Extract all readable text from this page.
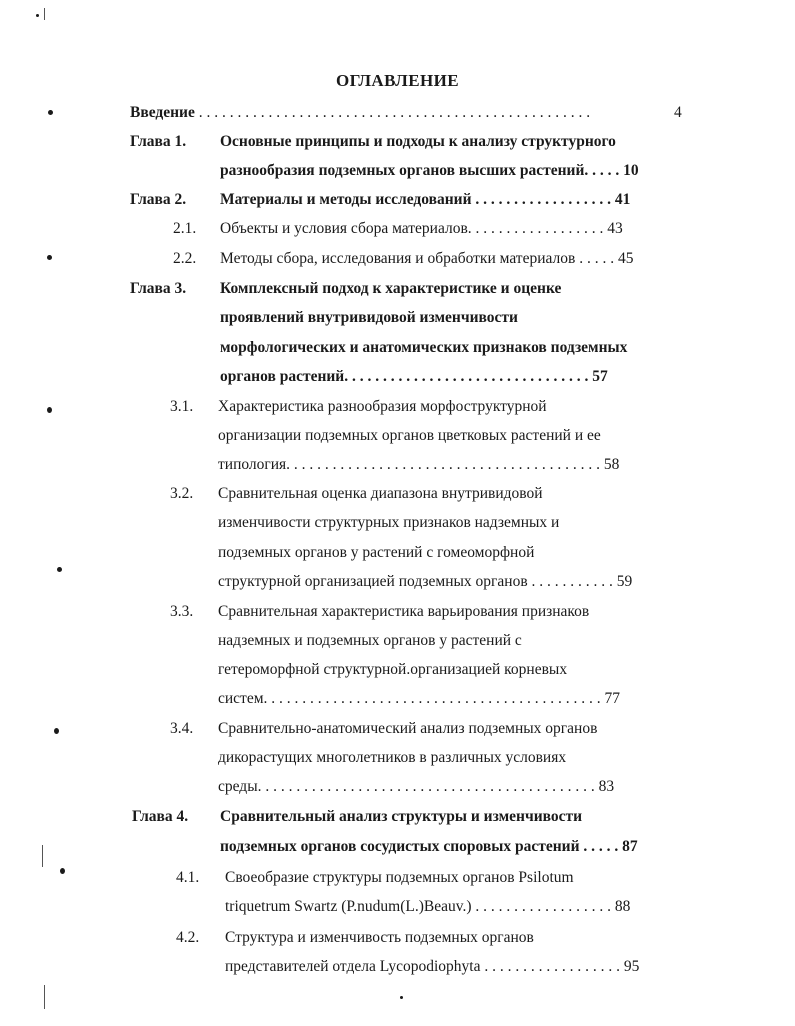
ОГЛАВЛЕНИЕ
Введение . . . . . . . . . . . . . . . . . . . . . . . . . . . . . . . . . . . . . . . . . . . . . . . . . . .	4
Глава 1. Основные принципы и подходы к анализу структурного
разнообразия подземных органов высших растений. . . . . 10
Глава 2. Материалы и методы исследований . . . . . . . . . . . . . . . . . . 41
2.1. Объекты и условия сбора материалов. . . . . . . . . . . . . . . . . . 43
2.2. Методы сбора, исследования и обработки материалов . . . . . 45
Глава 3. Комплексный подход к характеристике и оценке
проявлений внутривидовой изменчивости
морфологических и анатомических признаков подземных
органов растений. . . . . . . . . . . . . . . . . . . . . . . . . . . . . . . . 57
3.1. Характеристика разнообразия морфоструктурной
организации подземных органов цветковых растений и ее
типология. . . . . . . . . . . . . . . . . . . . . . . . . . . . . . . . . . . . . . . . . 58
3.2. Сравнительная оценка диапазона внутривидовой
изменчивости структурных признаков надземных и
подземных органов у растений с гомеоморфной
структурной организацией подземных органов . . . . . . . . . . . 59
3.3. Сравнительная характеристика варьирования признаков
надземных и подземных органов у растений с
гетероморфной структурной.организацией корневых
систем. . . . . . . . . . . . . . . . . . . . . . . . . . . . . . . . . . . . . . . . . . . . 77
3.4. Сравнительно-анатомический анализ подземных органов
дикорастущих многолетников в различных условиях
среды. . . . . . . . . . . . . . . . . . . . . . . . . . . . . . . . . . . . . . . . . . . . 83
Глава 4. Сравнительный анализ структуры и изменчивости
подземных органов сосудистых споровых растений . . . . . 87
4.1. Своеобразие структуры подземных органов Psilotum
triquetrum Swartz (P.nudum(L.)Beauv.) . . . . . . . . . . . . . . . . . . 88
4.2. Структура и изменчивость подземных органов
представителей отдела Lycopodiophyta . . . . . . . . . . . . . . . . . . 95
